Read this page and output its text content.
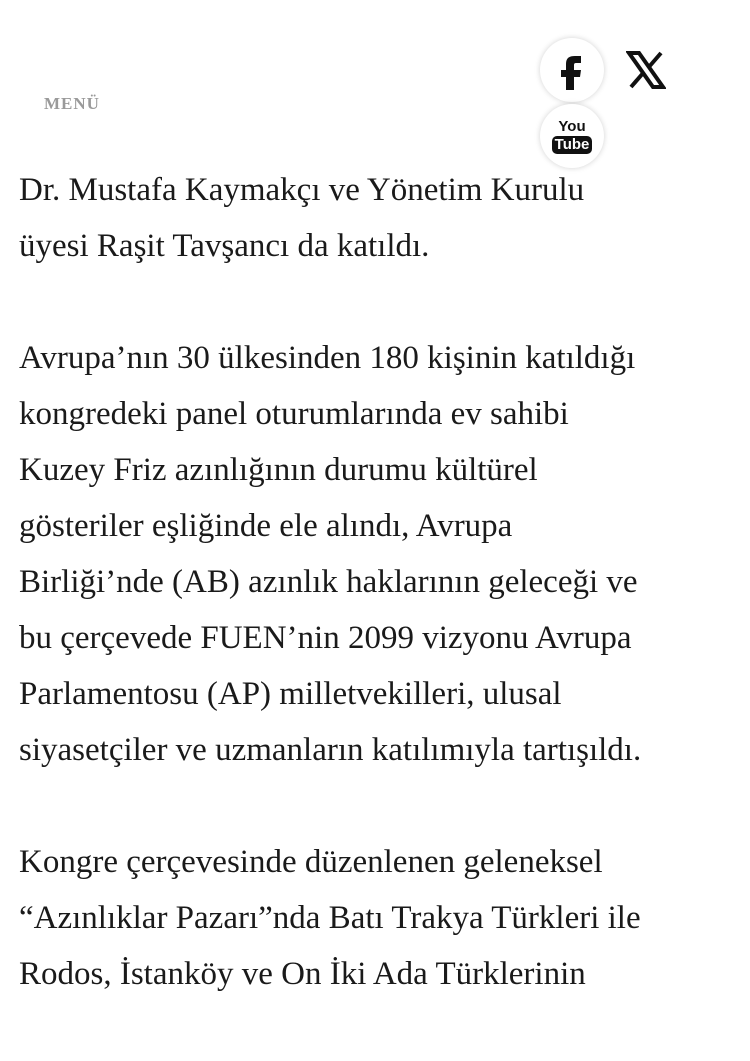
MENÜ
You
Tube

Dr. Mustafa Kaymakçı ve Yönetim Kurulu
üyesi Raşit Tavşancı da katıldı.

Avrupa’nın 30 ülkesinden 180 kişinin katıldığı
kongredeki panel oturumlarında ev sahibi
Kuzey Friz azınlığının durumu kültürel
gösteriler eşliğinde ele alındı, Avrupa
Birliği’nde (AB) azınlık haklarının geleceği ve
bu çerçevede FUEN’nin 2099 vizyonu Avrupa
Parlamentosu (AP) milletvekilleri, ulusal
siyasetçiler ve uzmanların katılımıyla tartışıldı.

Kongre çerçevesinde düzenlenen geleneksel
“Azınlıklar Pazarı”nda Batı Trakya Türkleri ile
Rodos, İstanköy ve On İki Ada Türklerinin
